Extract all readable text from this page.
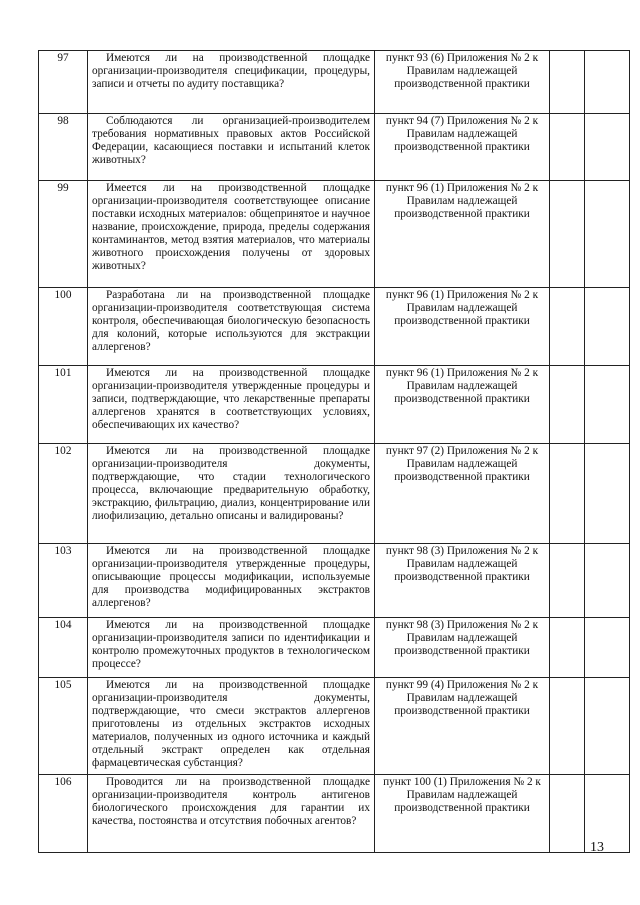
97	Имеются ли на производственной площадке организации-производителя спецификации, процедуры, записи и отчеты по аудиту поставщика?	пункт 93 (6) Приложения № 2 к Правилам надлежащей производственной практики		
98	Соблюдаются ли организацией-производителем требования нормативных правовых актов Российской Федерации, касающиеся поставки и испытаний клеток животных?	пункт 94 (7) Приложения № 2 к Правилам надлежащей производственной практики		
99	Имеется ли на производственной площадке организации-производителя соответствующее описание поставки исходных материалов: общепринятое и научное название, происхождение, природа, пределы содержания контаминантов, метод взятия материалов, что материалы животного происхождения получены от здоровых животных?	пункт 96 (1) Приложения № 2 к Правилам надлежащей производственной практики		
100	Разработана ли на производственной площадке организации-производителя соответствующая система контроля, обеспечивающая биологическую безопасность для колоний, которые используются для экстракции аллергенов?	пункт 96 (1) Приложения № 2 к Правилам надлежащей производственной практики		
101	Имеются ли на производственной площадке организации-производителя утвержденные процедуры и записи, подтверждающие, что лекарственные препараты аллергенов хранятся в соответствующих условиях, обеспечивающих их качество?	пункт 96 (1) Приложения № 2 к Правилам надлежащей производственной практики		
102	Имеются ли на производственной площадке организации-производителя документы, подтверждающие, что стадии технологического процесса, включающие предварительную обработку, экстракцию, фильтрацию, диализ, концентрирование или лиофилизацию, детально описаны и валидированы?	пункт 97 (2) Приложения № 2 к Правилам надлежащей производственной практики		
103	Имеются ли на производственной площадке организации-производителя утвержденные процедуры, описывающие процессы модификации, используемые для производства модифицированных экстрактов аллергенов?	пункт 98 (3) Приложения № 2 к Правилам надлежащей производственной практики		
104	Имеются ли на производственной площадке организации-производителя записи по идентификации и контролю промежуточных продуктов в технологическом процессе?	пункт 98 (3) Приложения № 2 к Правилам надлежащей производственной практики		
105	Имеются ли на производственной площадке организации-производителя документы, подтверждающие, что смеси экстрактов аллергенов приготовлены из отдельных экстрактов исходных материалов, полученных из одного источника и каждый отдельный экстракт определен как отдельная фармацевтическая субстанция?	пункт 99 (4) Приложения № 2 к Правилам надлежащей производственной практики		
106	Проводится ли на производственной площадке организации-производителя контроль антигенов биологического происхождения для гарантии их качества, постоянства и отсутствия побочных агентов?	пункт 100 (1) Приложения № 2 к Правилам надлежащей производственной практики		
13
